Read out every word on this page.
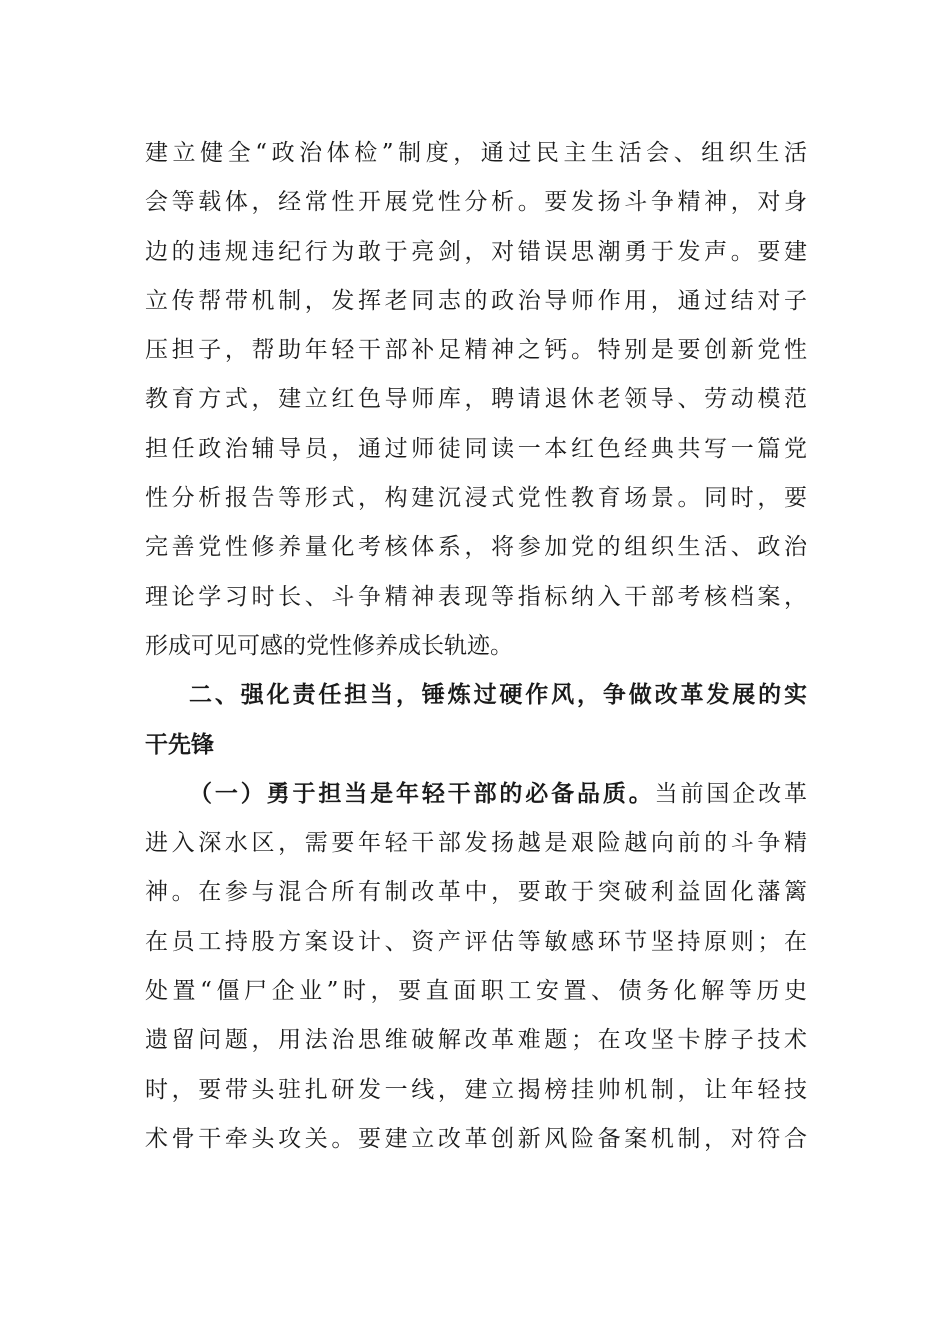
建立健全“政治体检”制度，通过民主生活会、组织生活
会等载体，经常性开展党性分析。要发扬斗争精神，对身
边的违规违纪行为敢于亮剑，对错误思潮勇于发声。要建
立传帮带机制，发挥老同志的政治导师作用，通过结对子
压担子，帮助年轻干部补足精神之钙。特别是要创新党性
教育方式，建立红色导师库，聘请退休老领导、劳动模范
担任政治辅导员，通过师徒同读一本红色经典共写一篇党
性分析报告等形式，构建沉浸式党性教育场景。同时，要
完善党性修养量化考核体系，将参加党的组织生活、政治
理论学习时长、斗争精神表现等指标纳入干部考核档案，
形成可见可感的党性修养成长轨迹。
二、强化责任担当，锤炼过硬作风，争做改革发展的实
干先锋
（一）勇于担当是年轻干部的必备品质。当前国企改革
进入深水区，需要年轻干部发扬越是艰险越向前的斗争精
神。在参与混合所有制改革中，要敢于突破利益固化藩篱
在员工持股方案设计、资产评估等敏感环节坚持原则；在
处置“僵尸企业”时，要直面职工安置、债务化解等历史
遗留问题，用法治思维破解改革难题；在攻坚卡脖子技术
时，要带头驻扎研发一线，建立揭榜挂帅机制，让年轻技
术骨干牵头攻关。要建立改革创新风险备案机制，对符合
